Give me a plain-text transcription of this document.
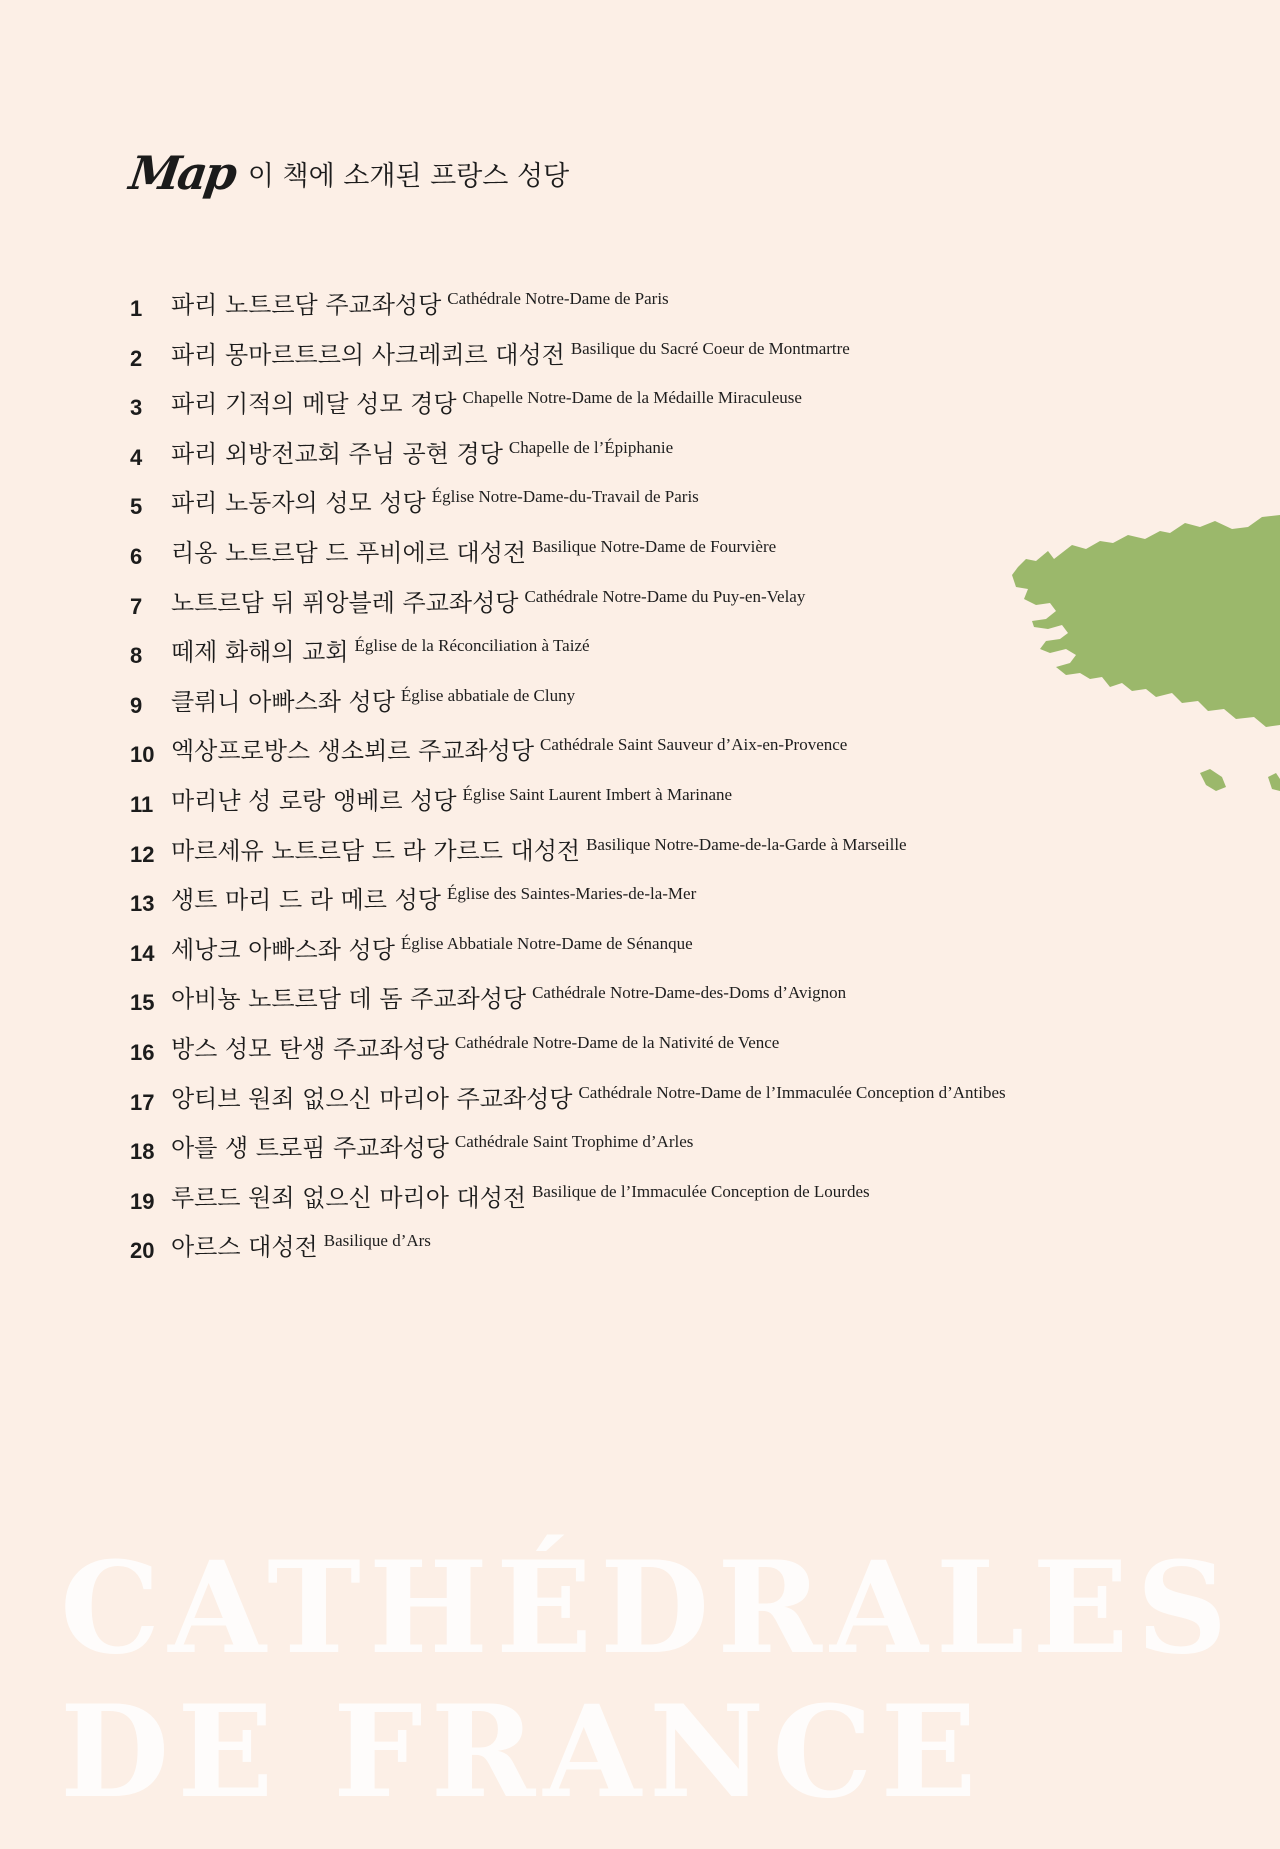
Map 이 책에 소개된 프랑스 성당
1	파리 노트르담 주교좌성당 Cathédrale Notre-Dame de Paris
2	파리 몽마르트르의 사크레쾨르 대성전 Basilique du Sacré Coeur de Montmartre
3	파리 기적의 메달 성모 경당 Chapelle Notre-Dame de la Médaille Miraculeuse
4	파리 외방전교회 주님 공현 경당 Chapelle de l’Épiphanie
5	파리 노동자의 성모 성당 Église Notre-Dame-du-Travail de Paris
6	리옹 노트르담 드 푸비에르 대성전 Basilique Notre-Dame de Fourvière
7	노트르담 뒤 퓌앙블레 주교좌성당 Cathédrale Notre-Dame du Puy-en-Velay
8	떼제 화해의 교회 Église de la Réconciliation à Taizé
9	클뤼니 아빠스좌 성당 Église abbatiale de Cluny
10 엑상프로방스 생소뵈르 주교좌성당 Cathédrale Saint Sauveur d’Aix-en-Provence
11 마리냔 성 로랑 앵베르 성당 Église Saint Laurent Imbert à Marinane
12 마르세유 노트르담 드 라 가르드 대성전 Basilique Notre-Dame-de-la-Garde à Marseille
13 생트 마리 드 라 메르 성당 Église des Saintes-Maries-de-la-Mer
14 세낭크 아빠스좌 성당 Église Abbatiale Notre-Dame de Sénanque
15 아비뇽 노트르담 데 돔 주교좌성당 Cathédrale Notre-Dame-des-Doms d’Avignon
16 방스 성모 탄생 주교좌성당 Cathédrale Notre-Dame de la Nativité de Vence
17 앙티브 원죄 없으신 마리아 주교좌성당 Cathédrale Notre-Dame de l’Immaculée Conception d’Antibes
18 아를 생 트로핌 주교좌성당 Cathédrale Saint Trophime d’Arles
19 루르드 원죄 없으신 마리아 대성전 Basilique de l’Immaculée Conception de Lourdes
20 아르스 대성전 Basilique d’Ars
CATHÉDRALES
DE FRANCE
